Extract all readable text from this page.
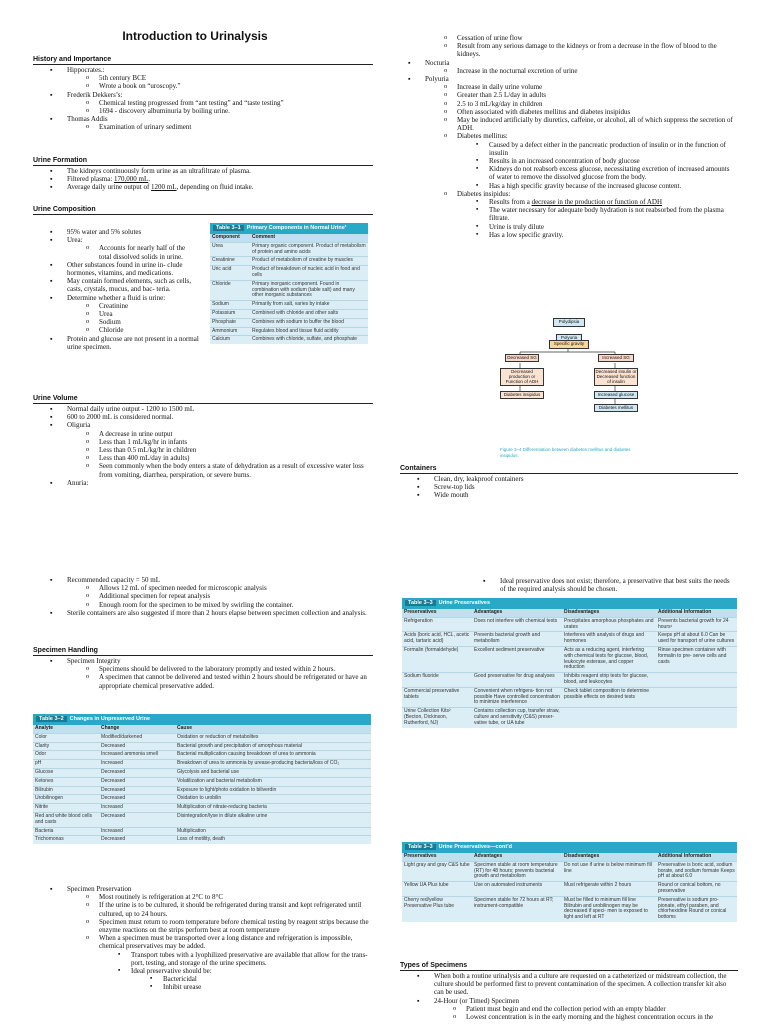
Introduction to Urinalysis
History and Importance
▪ Hippocrates.:
o 5th century BCE
o Wrote a book on “uroscopy.”
▪ Frederik Dekkers’s:
o Chemical testing progressed from “ant testing” and “taste testing”
o 1694 - discovery albuminuria by boiling urine.
▪ Thomas Addis
o Examination of urinary sediment
Urine Formation
▪ The kidneys continuously form urine as an ultrafiltrate of plasma.
▪ Filtered plasma: 170,000 mL.
▪ Average daily urine output of 1200 mL, depending on fluid intake.
Urine Composition
▪ 95% water and 5% solutes
▪ Urea:
o Accounts for nearly half of the total dissolved solids in urine.
▪ Other substances found in urine in- clude hormones, vitamins, and medications.
▪ May contain formed elements, such as cells, casts, crystals, mucus, and bac- teria.
▪ Determine whether a fluid is urine:
o Creatinine
o Urea
o Sodium
o Chloride
▪ Protein and glucose are not present in a normal urine specimen.
Table 3–1 Primary Components in Normal Urine¹
Component	Comment
Urea	Primary organic component. Product of metabolism of protein and amino acids
Creatinine	Product of metabolism of creatine by muscles
Uric acid	Product of breakdown of nucleic acid in food and cells
Chloride	Primary inorganic component. Found in combination with sodium (table salt) and many other inorganic substances
Sodium	Primarily from salt, varies by intake
Potassium	Combined with chloride and other salts
Phosphate	Combines with sodium to buffer the blood
Ammonium	Regulates blood and tissue fluid acidity
Calcium	Combines with chloride, sulfate, and phosphate
Urine Volume
▪ Normal daily urine output - 1200 to 1500 mL
▪ 600 to 2000 mL is considered normal.
▪ Oliguria
o A decrease in urine output
o Less than 1 mL/kg/hr in infants
o Less than 0.5 mL/kg/hr in children
o Less than 400 mL/day in adults)
o Seen commonly when the body enters a state of dehydration as a result of excessive water loss from vomiting, diarrhea, perspiration, or severe burns.
▪ Anuria:
o Cessation of urine flow
o Result from any serious damage to the kidneys or from a decrease in the flow of blood to the kidneys.
▪ Nocturia
o Increase in the nocturnal excretion of urine
▪ Polyuria
o Increase in daily urine volume
o Greater than 2.5 L/day in adults
o 2.5 to 3 mL/kg/day in children
o Often associated with diabetes mellitus and diabetes insipidus
o May be induced artificially by diuretics, caffeine, or alcohol, all of which suppress the secretion of ADH.
o Diabetes mellitus:
▪ Caused by a defect either in the pancreatic production of insulin or in the function of insulin
▪ Results in an increased concentration of body glucose
▪ Kidneys do not reabsorb excess glucose, necessitating excretion of increased amounts of water to remove the dissolved glucose from the body.
▪ Has a high specific gravity because of the increased glucose content.
o Diabetes insipidus:
▪ Results from a decrease in the production or function of ADH
▪ The water necessary for adequate body hydration is not reabsorbed from the plasma filtrate.
▪ Urine is truly dilute
▪ Has a low specific gravity.
Polydipsia
Polyuria
Specific gravity
Decreased SG	Increased SG
Decreased production or Function of ADH
Decreased insulin or Decreased function of insulin
Diabetes insipidus	Increased glucose
Diabetes mellitus
Figure 3–4 Differentiation between diabetes mellitus and diabetes insipidus.
Containers
▪ Clean, dry, leakproof containers
▪ Screw-top lids
▪ Wide mouth
▪ Recommended capacity = 50 mL
o Allows 12 mL of specimen needed for microscopic analysis
o Additional specimen for repeat analysis
o Enough room for the specimen to be mixed by swirling the container.
▪ Sterile containers are also suggested if more than 2 hours elapse between specimen collection and analysis.
Specimen Handling
▪ Specimen Integrity
o Specimens should be delivered to the laboratory promptly and tested within 2 hours.
o A specimen that cannot be delivered and tested within 2 hours should be refrigerated or have an appropriate chemical preservative added.
Table 3–2 Changes in Unpreserved Urine
Analyte	Change	Cause
Color	Modified/darkened	Oxidation or reduction of metabolites
Clarity	Decreased	Bacterial growth and precipitation of amorphous material
Odor	Increased ammonia smell	Bacterial multiplication causing breakdown of urea to ammonia
pH	Increased	Breakdown of urea to ammonia by urease-producing bacteria/loss of CO₂
Glucose	Decreased	Glycolysis and bacterial use
Ketones	Decreased	Volatilization and bacterial metabolism
Bilirubin	Decreased	Exposure to light/photo oxidation to biliverdin
Urobilinogen	Decreased	Oxidation to urobilin
Nitrite	Increased	Multiplication of nitrate-reducing bacteria
Red and white blood cells and casts	Decreased	Disintegration/lyse in dilute alkaline urine
Bacteria	Increased	Multiplication
Trichomonas	Decreased	Loss of motility, death
▪ Specimen Preservation
o Most routinely is refrigeration at 2°C to 8°C
o If the urine is to be cultured, it should be refrigerated during transit and kept refrigerated until cultured, up to 24 hours.
o Specimen must return to room temperature before chemical testing by reagent strips because the enzyme reactions on the strips perform best at room temperature
o When a specimen must be transported over a long distance and refrigeration is impossible, chemical preservatives may be added.
▪ Transport tubes with a lyophilized preservative are available that allow for the trans- port, testing, and storage of the urine specimens.
▪ Ideal preservative should be:
▪ Bactericidal
▪ Inhibit urease
▪ Ideal preservative does not exist; therefore, a preservative that best suits the needs of the required analysis should be chosen.
Table 3–3 Urine Preservatives
Preservatives	Advantages	Disadvantages	Additional Information
Refrigeration	Does not interfere with chemical tests	Precipitates amorphous phosphates and urates	Prevents bacterial growth for 24 hours¹
Acids (boric acid, HCL, acetic acid, tartaric acid)	Prevents bacterial growth and metabolism	Interferes with analysis of drugs and hormones	Keeps pH at about 6.0 Can be used for transport of urine cultures
Formalin (formaldehyde)	Excellent sediment preservative	Acts as a reducing agent, interfering with chemical tests for glucose, blood, leukocyte esterase, and copper reduction	Rinse specimen container with formalin to pre- serve cells and casts
Sodium fluoride	Good preservative for drug analyses	Inhibits reagent strip tests for glucose, blood, and leukocytes	
Commercial preservative tablets	Convenient when refrigera- tion not possible Have controlled concentration to minimize interference	Check tablet composition to determine possible effects on desired tests	
Urine Collection Kits² (Becton, Dickinson, Rutherford, NJ)	Contains collection cup, transfer straw, culture and sensitivity (C&S) preser- vative tube, or UA tube		
Table 3–3 Urine Preservatives—cont’d
Preservatives	Advantages	Disadvantages	Additional Information
Light gray and gray C&S tube	Specimen stable at room temperature (RT) for 48 hours; prevents bacterial growth and metabolism	Do not use if urine is below minimum fill line	Preservative is boric acid, sodium borate, and sodium formate Keeps pH at about 6.0
Yellow UA Plus tube	Use on automated instruments	Must refrigerate within 2 hours	Round or conical bottom, no preservative
Cherry red/yellow Preservative Plus tube	Specimen stable for 72 hours at RT; instrument-compatible	Must be filled to minimum fill line Bilirubin and urobilinogen may be decreased if speci- men is exposed to light and left at RT	Preservative is sodium pro- pionate, ethyl paraben, and chlorhexidine Round or conical bottoms
Types of Specimens
▪ When both a routine urinalysis and a culture are requested on a catheterized or midstream collection, the culture should be performed first to prevent contamination of the specimen. A collection transfer kit also can be used.
▪ 24-Hour (or Timed) Specimen
o Patient must begin and end the collection period with an empty bladder
o Lowest concentration is in the early morning and the highest concentration occurs in the
